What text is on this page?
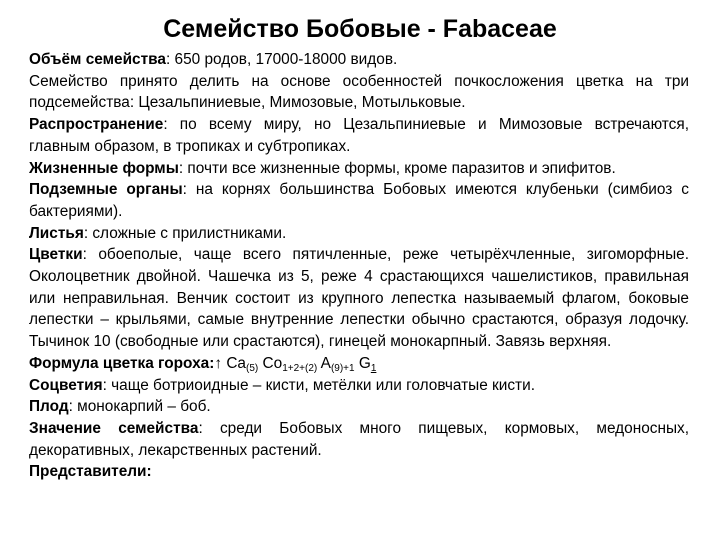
Семейство Бобовые - Fabaceae

Объём семейства: 650 родов, 17000-18000 видов.

Семейство принято делить на основе особенностей почкосложения цветка на три подсемейства: Цезальпиниевые, Мимозовые, Мотыльковые.

Распространение: по всему миру, но Цезальпиниевые и Мимозовые встречаются, главным образом, в тропиках и субтропиках.

Жизненные формы: почти все жизненные формы, кроме паразитов и эпифитов.

Подземные органы: на корнях большинства Бобовых имеются клубеньки (симбиоз с бактериями).

Листья: сложные с прилистниками.

Цветки: обоеполые, чаще всего пятичленные, реже четырёхчленные, зигоморфные. Околоцветник двойной. Чашечка из 5, реже 4 срастающихся чашелистиков, правильная или неправильная. Венчик состоит из крупного лепестка называемый флагом, боковые лепестки – крыльями, самые внутренние лепестки обычно срастаются, образуя лодочку. Тычинок 10 (свободные или срастаются), гинецей монокарпный. Завязь верхняя.

Формула цветка гороха:↑ $Ca_{(5)}$ $Co_{1+2+(2)}$ $A_{(9)+1}$ $G_1$

Соцветия: чаще ботриоидные – кисти, метёлки или головчатые кисти.

Плод: монокарпий – боб.

Значение семейства: среди Бобовых много пищевых, кормовых, медоносных, декоративных, лекарственных растений.

Представители:
